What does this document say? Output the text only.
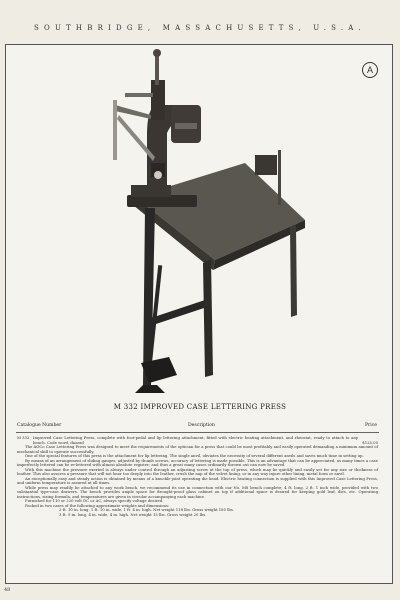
SOUTHBRIDGE, MASSACHUSETTS, U.S.A.
A
M 332 IMPROVED CASE LETTERING PRESS
Catalogue Number	Description	Price
M 332 Improved Case Lettering Press, complete with foot-pedal and lip lettering attachment, fitted with electric heating attachment, and rheostat, ready to attach to any bench. Code word, dazzad	$125.00

The AOCo Case Lettering Press was designed to meet the requirements of the optician for a press that could be most profitably and easily operated demanding a minimum amount of mechanical skill to operate successfully.

One of the special features of this press is the attachment for lip lettering. The single anvil, obviates the necessity of several different anvils and saves much time in setting up.

By means of an arrangement of sliding gauges, adjusted by thumb screws, accuracy of lettering is made possible. This is an advantage that can be appreciated, as many times a case imperfectly lettered can be re-lettered with almost absolute register; and thus a great many cases ordinarily thrown out can now be saved.

With this machine the pressure exerted is always under control through an adjusting screw at the top of press, which may be quickly and easily set for any size or thickness of leather. This also assures a pressure that will not bear too deeply into the leather, crush the nap of the velvet lining, or in any way injure other lining, metal form or anvil.

An exceptionally easy and steady action is obtained by means of a knuckle-joint operating die head. Electric heating connection is supplied with this Improved Case Lettering Press, and uniform temperature is assured at all times.

While press may readily be attached to any work bench, we recommend its use in connection with our No. M8 bench complete; 4 ft. long, 2 ft. 1 inch wide, provided with two substantial type-case drawers. The bench provides ample space for drought-proof glass cabinet on top if additional space is desired for keeping gold leaf, dies, etc. Operating instructions, sizing formula, and temperatures are given in circular accompanying each machine.

Furnished for 110 or 220 volt DC or AC, always specify voltage desired.

Packed in two cases of the following approximate weights and dimensions:

2 ft. 10 in. long, 1 ft. 10 in. wide, 1 ft. 4 in. high. Net weight 118 lbs. Gross weight 185 lbs.

3 ft. 9 in. long, 4 in. wide, 4 in. high. Net weight 15 lbs. Gross weight 20 lbs.

48
